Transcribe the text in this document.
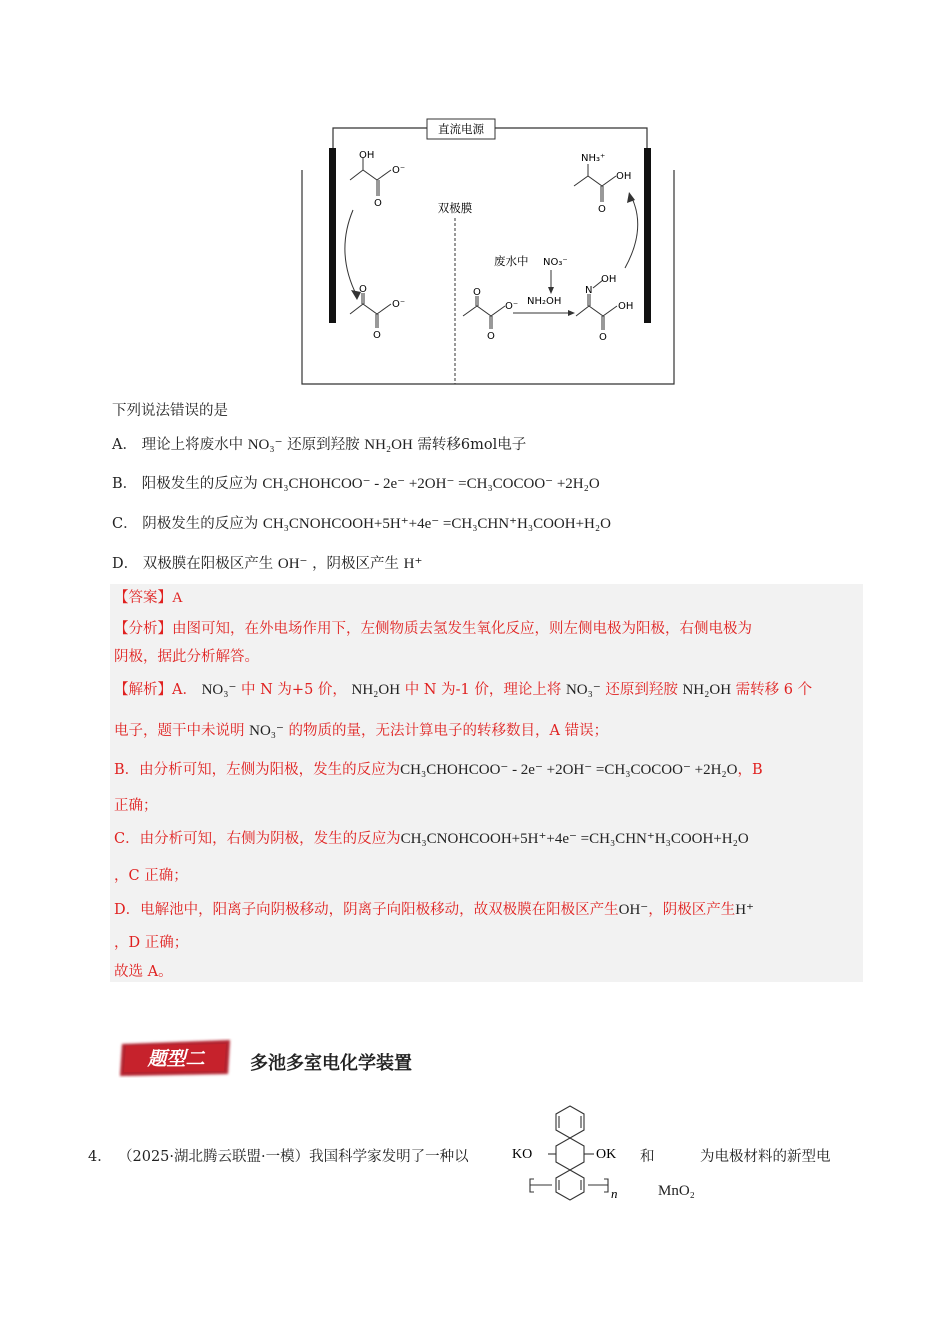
直流电源
双极膜
OH
O
O⁻
O
O
O⁻
O
O
O⁻
废水中 NO₃⁻
NH₂OH
N
OH
OH
O
NH₃⁺
OH
O
下列说法错误的是
A． 理论上将废水中 NO₃⁻ 还原到羟胺 NH₂OH 需转移6mol电子
B． 阳极发生的反应为 CH₃CHOHCOO⁻ - 2e⁻ +2OH⁻ =CH₃COCOO⁻ +2H₂O
C． 阴极发生的反应为 CH₃CNOHCOOH+5H⁺+4e⁻ =CH₃CHN⁺H₃COOH+H₂O
D． 双极膜在阳极区产生 OH⁻ ，阴极区产生 H⁺
【答案】A
【分析】由图可知，在外电场作用下，左侧物质去氢发生氧化反应，则左侧电极为阳极，右侧电极为
阴极，据此分析解答。
【解析】A． NO₃⁻ 中 N 为+5 价， NH₂OH 中 N 为-1 价，理论上将 NO₃⁻ 还原到羟胺 NH₂OH 需转移 6 个
电子，题干中未说明 NO₃⁻ 的物质的量，无法计算电子的转移数目，A 错误；
B．由分析可知，左侧为阳极，发生的反应为CH₃CHOHCOO⁻ - 2e⁻ +2OH⁻ =CH₃COCOO⁻ +2H₂O，B
正确；
C．由分析可知，右侧为阴极，发生的反应为CH₃CNOHCOOH+5H⁺+4e⁻ =CH₃CHN⁺H₃COOH+H₂O
，C 正确；
D．电解池中，阳离子向阴极移动，阴离子向阳极移动，故双极膜在阳极区产生OH⁻，阴极区产生H⁺
，D 正确；
故选 A。
题型二	多池多室电化学装置
4． （2025·湖北腾云联盟·一模）我国科学家发明了一种以	KO	OK
n
和
MnO₂
为电极材料的新型电
